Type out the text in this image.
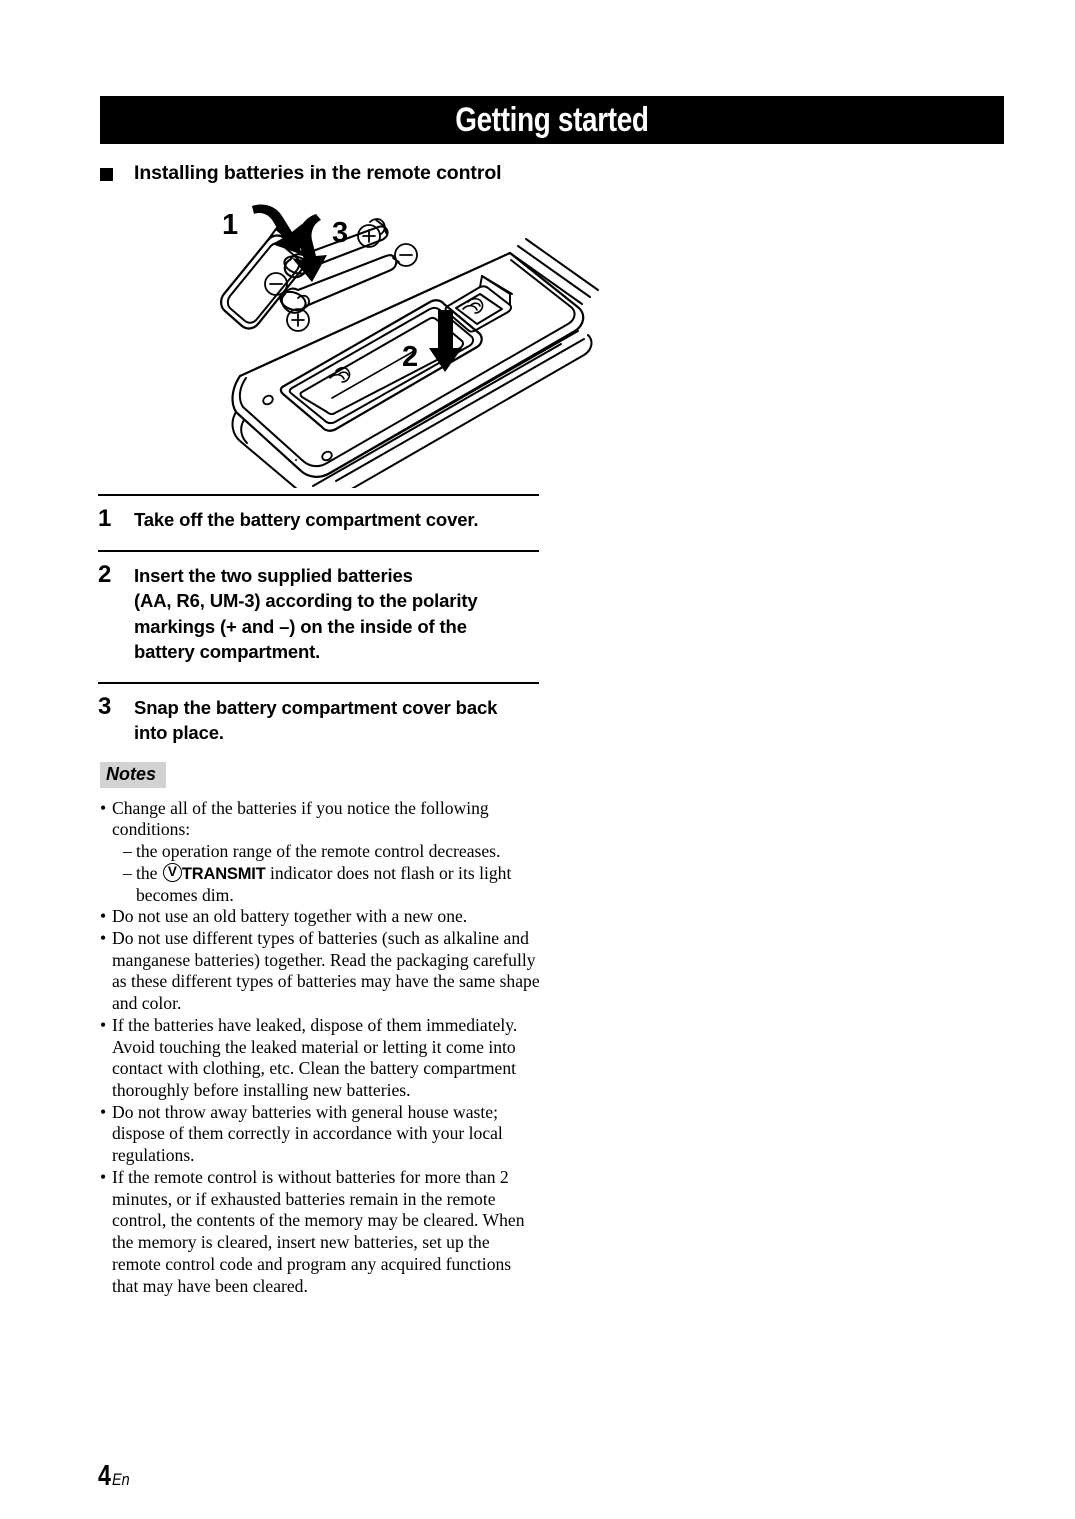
Getting started
Installing batteries in the remote control
1	3
2
1	Take off the battery compartment cover.

2	Insert the two supplied batteries

(AA, R6, UM-3) according to the polarity

markings (+ and –) on the inside of the

battery compartment.

3	Snap the battery compartment cover back

into place.

Notes
• Change all of the batteries if you notice the following conditions:

– the operation range of the remote control decreases.
– the V TRANSMIT indicator does not flash or its light becomes dim.
• Do not use an old battery together with a new one.
• Do not use different types of batteries (such as alkaline and manganese batteries) together. Read the packaging carefully as these different types of batteries may have the same shape and color.
• If the batteries have leaked, dispose of them immediately. Avoid touching the leaked material or letting it come into contact with clothing, etc. Clean the battery compartment thoroughly before installing new batteries.
• Do not throw away batteries with general house waste; dispose of them correctly in accordance with your local regulations.
• If the remote control is without batteries for more than 2 minutes, or if exhausted batteries remain in the remote control, the contents of the memory may be cleared. When the memory is cleared, insert new batteries, set up the remote control code and program any acquired functions that may have been cleared.
4 En
